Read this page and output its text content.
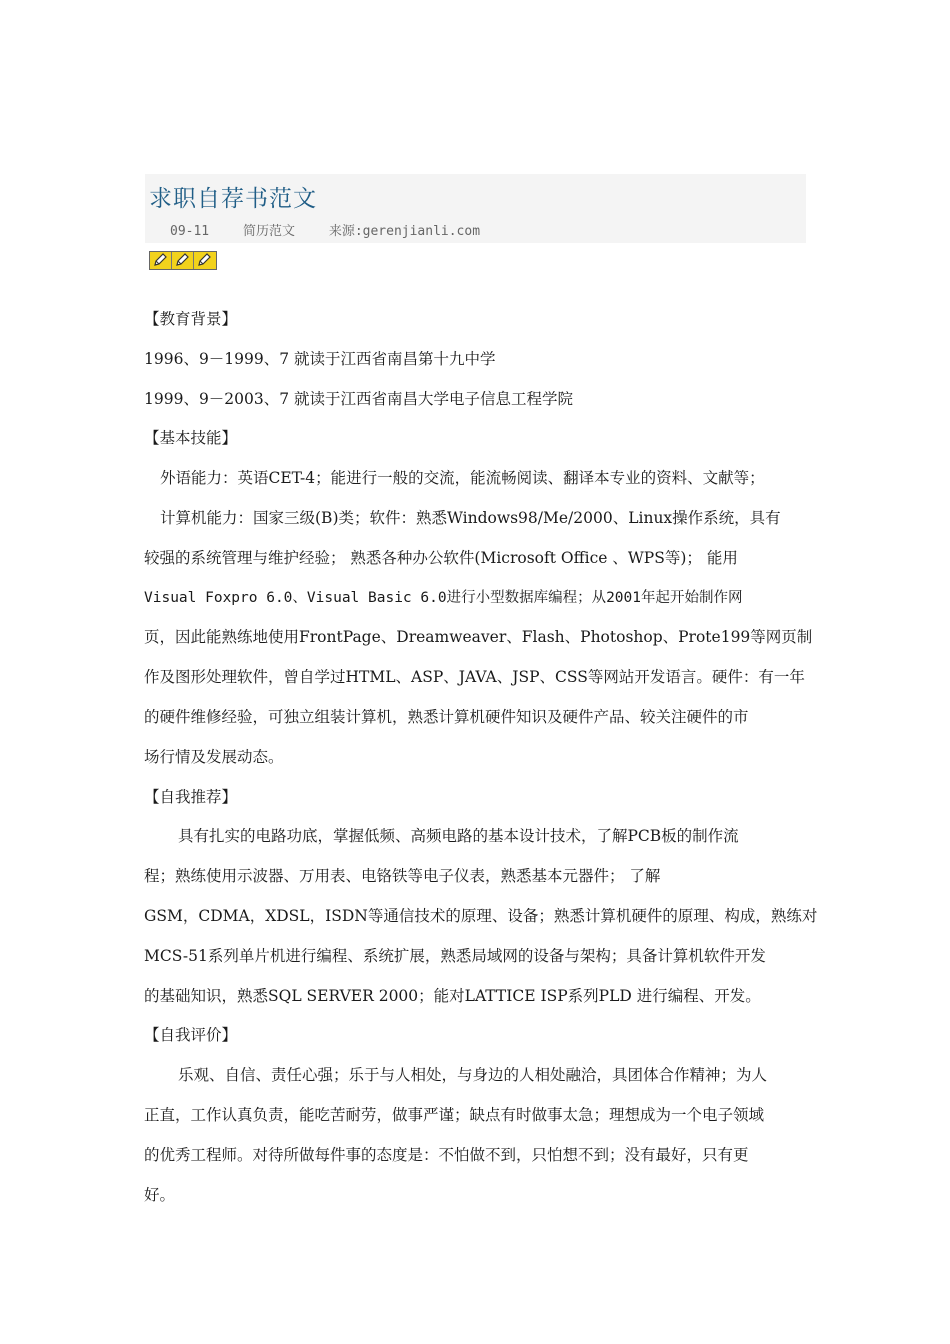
求职自荐书范文
09-11	简历范文	来源:gerenjianli.com

【教育背景】

1996、9－1999、7 就读于江西省南昌第十九中学

1999、9－2003、7 就读于江西省南昌大学电子信息工程学院

【基本技能】

外语能力：英语CET-4；能进行一般的交流，能流畅阅读、翻译本专业的资料、文献等；

计算机能力：国家三级(B)类；软件：熟悉Windows98/Me/2000、Linux操作系统，具有

较强的系统管理与维护经验； 熟悉各种办公软件(Microsoft Office 、WPS等)； 能用

Visual Foxpro 6.0、Visual Basic 6.0进行小型数据库编程；从2001年起开始制作网

页，因此能熟练地使用FrontPage、Dreamweaver、Flash、Photoshop、Prote199等网页制

作及图形处理软件，曾自学过HTML、ASP、JAVA、JSP、CSS等网站开发语言。硬件：有一年

的硬件维修经验，可独立组装计算机，熟悉计算机硬件知识及硬件产品、较关注硬件的市

场行情及发展动态。

【自我推荐】

具有扎实的电路功底，掌握低频、高频电路的基本设计技术，了解PCB板的制作流

程；熟练使用示波器、万用表、电铬铁等电子仪表，熟悉基本元器件； 了解

GSM，CDMA，XDSL，ISDN等通信技术的原理、设备；熟悉计算机硬件的原理、构成，熟练对

MCS-51系列单片机进行编程、系统扩展，熟悉局域网的设备与架构；具备计算机软件开发

的基础知识，熟悉SQL SERVER 2000；能对LATTICE ISP系列PLD 进行编程、开发。

【自我评价】

乐观、自信、责任心强；乐于与人相处，与身边的人相处融洽，具团体合作精神；为人

正直，工作认真负责，能吃苦耐劳，做事严谨；缺点有时做事太急；理想成为一个电子领域

的优秀工程师。对待所做每件事的态度是：不怕做不到，只怕想不到；没有最好，只有更

好。
